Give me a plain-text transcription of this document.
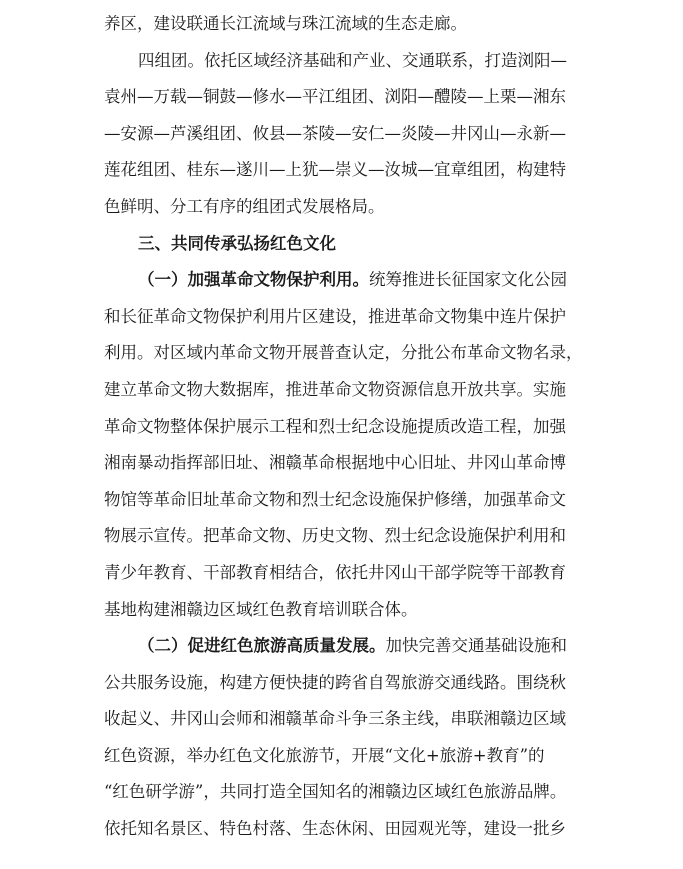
养区，建设联通长江流域与珠江流域的生态走廊。
四组团。依托区域经济基础和产业、交通联系，打造浏阳—
袁州—万载—铜鼓—修水—平江组团、浏阳—醴陵—上栗—湘东
—安源—芦溪组团、攸县—茶陵—安仁—炎陵—井冈山—永新—
莲花组团、桂东—遂川—上犹—崇义—汝城—宜章组团，构建特
色鲜明、分工有序的组团式发展格局。
三、共同传承弘扬红色文化
（一）加强革命文物保护利用。 统筹推进长征国家文化公园
和长征革命文物保护利用片区建设，推进革命文物集中连片保护
利用。对区域内革命文物开展普查认定，分批公布革命文物名录，
建立革命文物大数据库，推进革命文物资源信息开放共享。实施
革命文物整体保护展示工程和烈士纪念设施提质改造工程，加强
湘南暴动指挥部旧址、湘赣革命根据地中心旧址、井冈山革命博
物馆等革命旧址革命文物和烈士纪念设施保护修缮，加强革命文
物展示宣传。把革命文物、历史文物、烈士纪念设施保护利用和
青少年教育、干部教育相结合，依托井冈山干部学院等干部教育
基地构建湘赣边区域红色教育培训联合体。
（二）促进红色旅游高质量发展。 加快完善交通基础设施和
公共服务设施，构建方便快捷的跨省自驾旅游交通线路。围绕秋
收起义、井冈山会师和湘赣革命斗争三条主线，串联湘赣边区域
红色资源，举办红色文化旅游节，开展“文化+旅游+教育”的
“红色研学游”，共同打造全国知名的湘赣边区域红色旅游品牌。
依托知名景区、特色村落、生态休闲、田园观光等，建设一批乡
